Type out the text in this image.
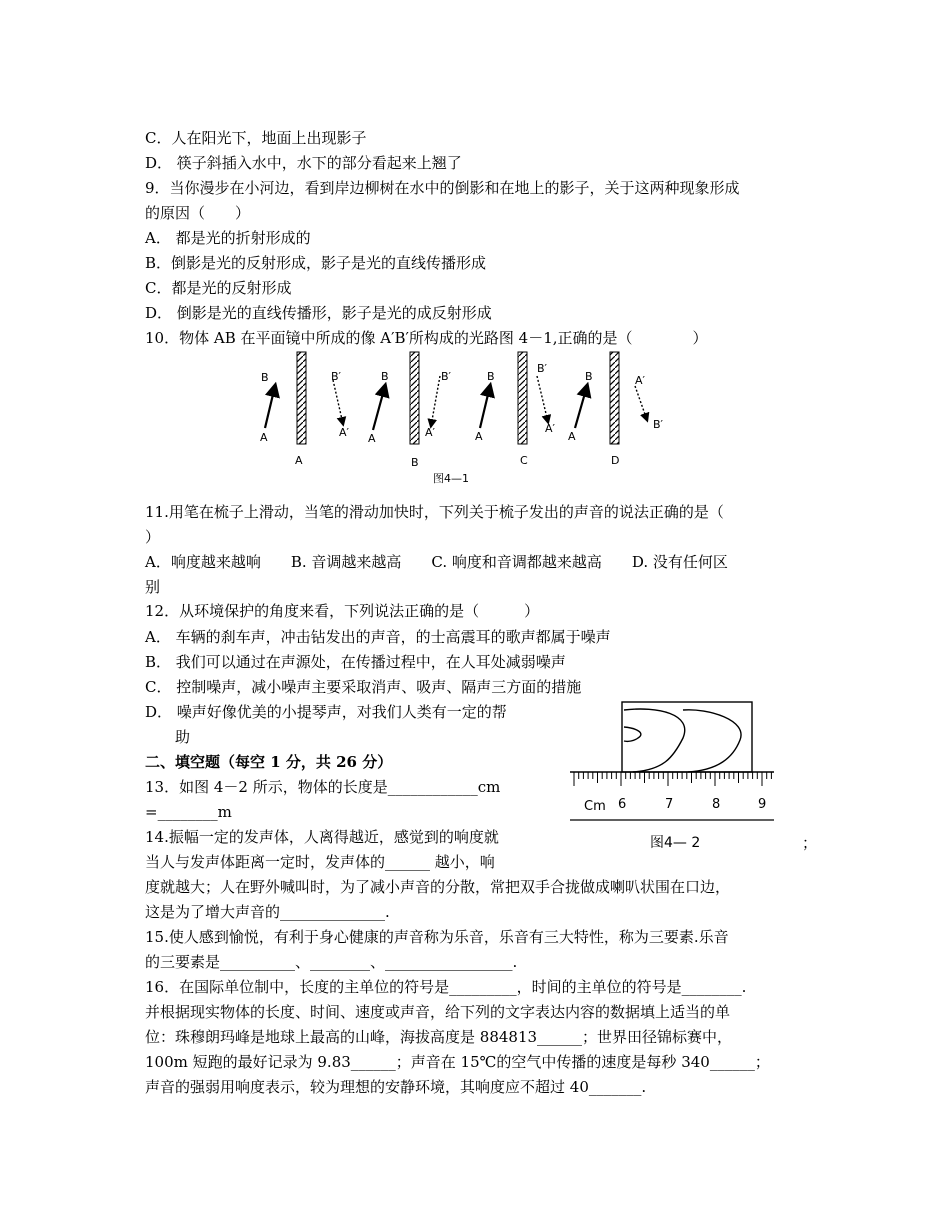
C．人在阳光下，地面上出现影子
D． 筷子斜插入水中，水下的部分看起来上翘了
9．当你漫步在小河边，看到岸边柳树在水中的倒影和在地上的影子，关于这两种现象形成
的原因（　　）
A． 都是光的折射形成的
B．倒影是光的反射形成，影子是光的直线传播形成
C．都是光的反射形成
D． 倒影是光的直线传播形，影子是光的成反射形成
10．物体 AB 在平面镜中所成的像 A′B′所构成的光路图 4－1,正确的是（　　　　）
B
A
B′
A′
A
B
A
B′
A′
B
B
A
B′
A′
C
B
A
A′
B′
D
图4—1
11.用笔在梳子上滑动，当笔的滑动加快时，下列关于梳子发出的声音的说法正确的是（
）
A．响度越来越响　　B. 音调越来越高　　C. 响度和音调都越来越高　　D. 没有任何区
别
12．从环境保护的角度来看，下列说法正确的是（　　　）
A． 车辆的刹车声，冲击钻发出的声音，的士高震耳的歌声都属于噪声
B． 我们可以通过在声源处，在传播过程中，在人耳处减弱噪声
C． 控制噪声，减小噪声主要采取消声、吸声、隔声三方面的措施
D． 噪声好像优美的小提琴声，对我们人类有一定的帮
　　助
二、填空题（每空 1 分，共 26 分）
13．如图 4－2 所示，物体的长度是____________cm
=________m
14.振幅一定的发声体，人离得越近，感觉到的响度就
当人与发声体距离一定时，发声体的______ 越小，响
度就越大；人在野外喊叫时，为了减小声音的分散，常把双手合拢做成喇叭状围在口边，
这是为了增大声音的______________.
15.使人感到愉悦，有利于身心健康的声音称为乐音，乐音有三大特性，称为三要素.乐音
的三要素是__________、________、_________________.
16．在国际单位制中，长度的主单位的符号是_________，时间的主单位的符号是________.
并根据现实物体的长度、时间、速度或声音，给下列的文字表达内容的数据填上适当的单
位：珠穆朗玛峰是地球上最高的山峰，海拔高度是 884813______；世界田径锦标赛中，
100m 短跑的最好记录为 9.83______；声音在 15℃的空气中传播的速度是每秒 340______；
声音的强弱用响度表示，较为理想的安静环境，其响度应不超过 40_______.
Cm 6	7	8	9
图4— 2	；
